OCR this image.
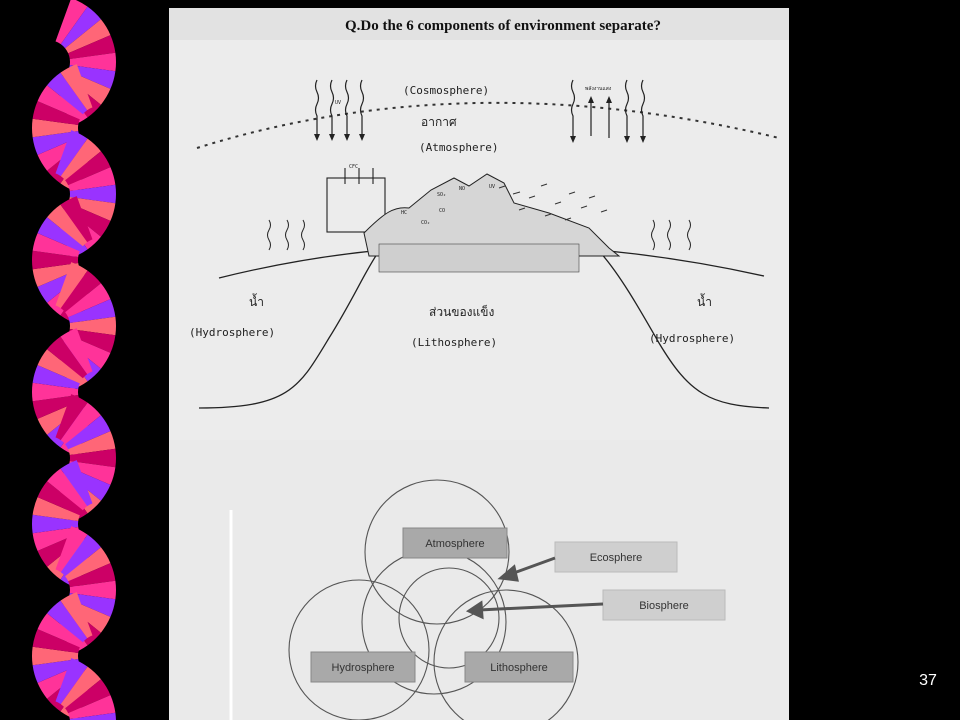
Q.Do the 6 components of environment separate?
UV
พลังงานแสง
(Cosmosphere)
อากาศ
(Atmosphere)
CFC
SO₂
NO	UV
CO
CO₂
HC
น้ำ
(Hydrosphere)
ส่วนของแข็ง
(Lithosphere)
น้ำ
(Hydrosphere)
Atmosphere
Ecosphere
Biosphere
Hydrosphere	Lithosphere
37
